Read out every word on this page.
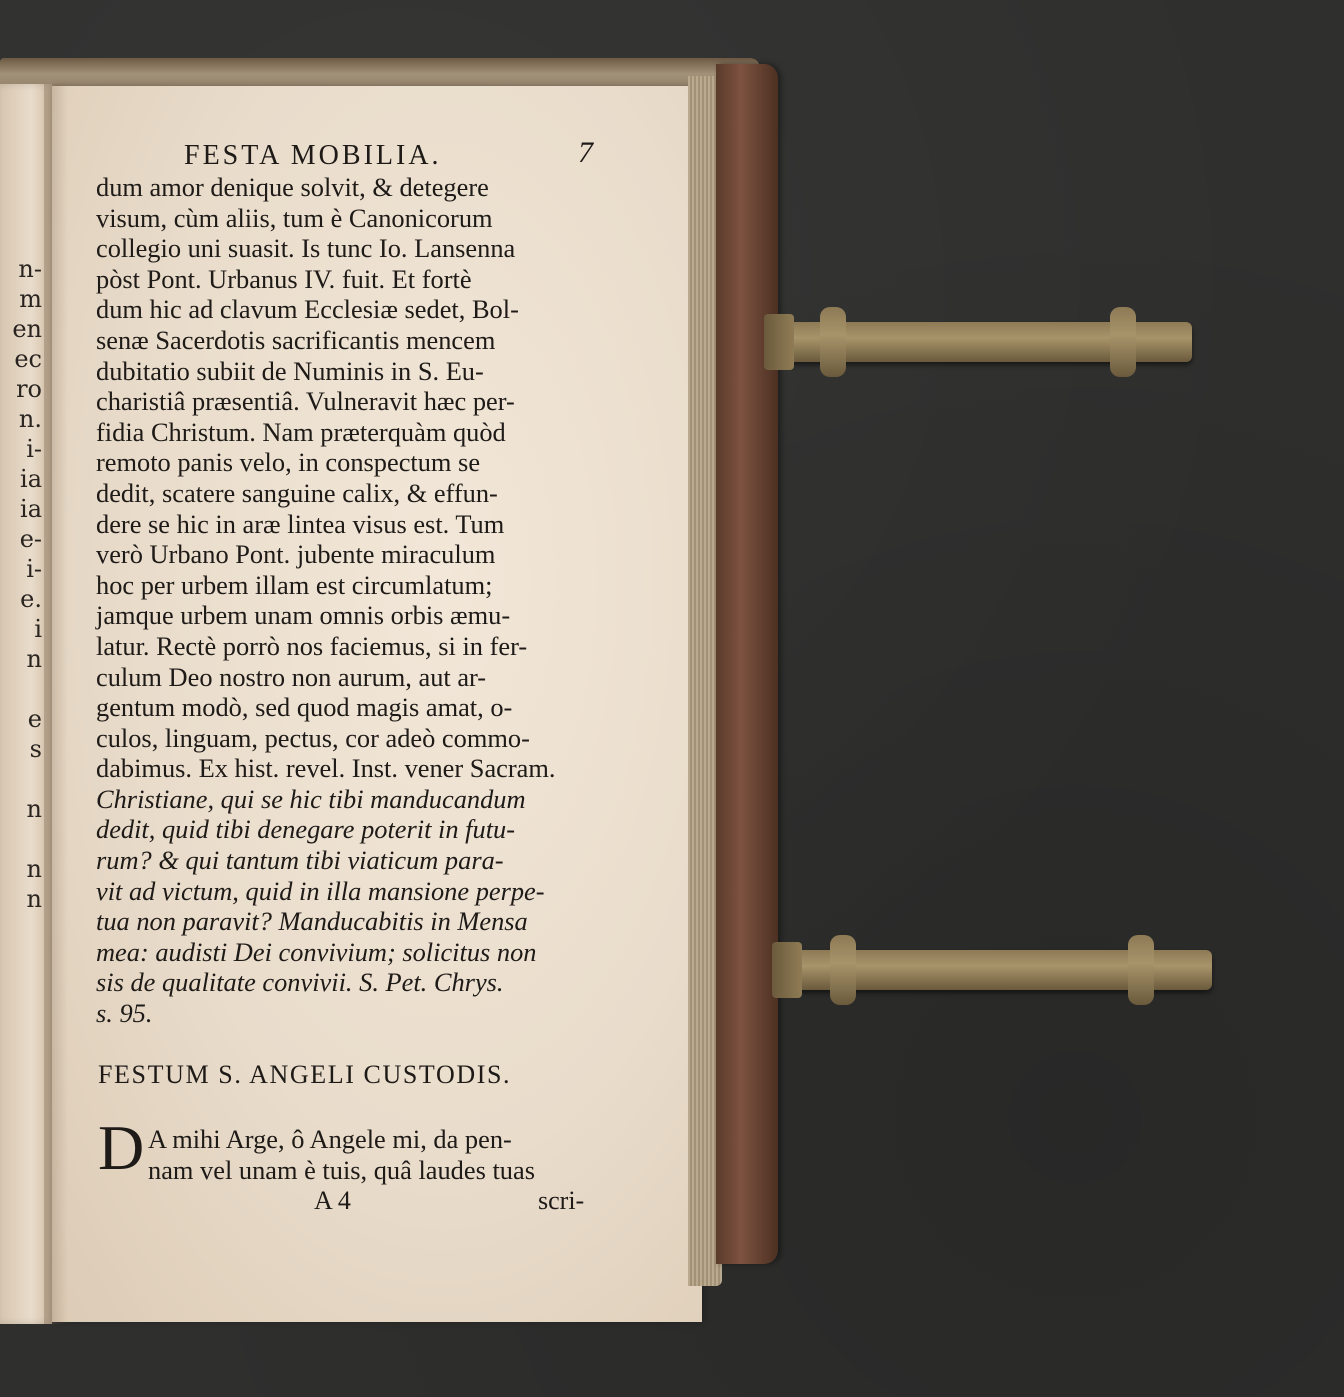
n-
m
en
ec
ro
n.
i-
ia
ia
e-
i-
e.
i
n

e
s

n

n
n
FESTA MOBILIA.	7
dum amor denique solvit, & detegere
visum, cùm aliis, tum è Canonicorum
collegio uni suasit. Is tunc Io. Lansenna
pòst Pont. Urbanus IV. fuit. Et fortè
dum hic ad clavum Ecclesiæ sedet, Bol-
senæ Sacerdotis sacrificantis mencem
dubitatio subiit de Numinis in S. Eu-
charistiâ præsentiâ. Vulneravit hæc per-
fidia Christum. Nam præterquàm quòd
remoto panis velo, in conspectum se
dedit, scatere sanguine calix, & effun-
dere se hic in aræ lintea visus est. Tum
verò Urbano Pont. jubente miraculum
hoc per urbem illam est circumlatum;
jamque urbem unam omnis orbis æmu-
latur. Rectè porrò nos faciemus, si in fer-
culum Deo nostro non aurum, aut ar-
gentum modò, sed quod magis amat, o-
culos, linguam, pectus, cor adeò commo-
dabimus. Ex hist. revel. Inst. vener Sacram.
Christiane, qui se hic tibi manducandum
dedit, quid tibi denegare poterit in futu-
rum? & qui tantum tibi viaticum para-
vit ad victum, quid in illa mansione perpe-
tua non paravit? Manducabitis in Mensa
mea: audisti Dei convivium; solicitus non
sis de qualitate convivii. S. Pet. Chrys.
s. 95.
FESTUM S. ANGELI CUSTODIS.
D A mihi Arge, ô Angele mi, da pen-
nam vel unam è tuis, quâ laudes tuas
A 4	scri-
